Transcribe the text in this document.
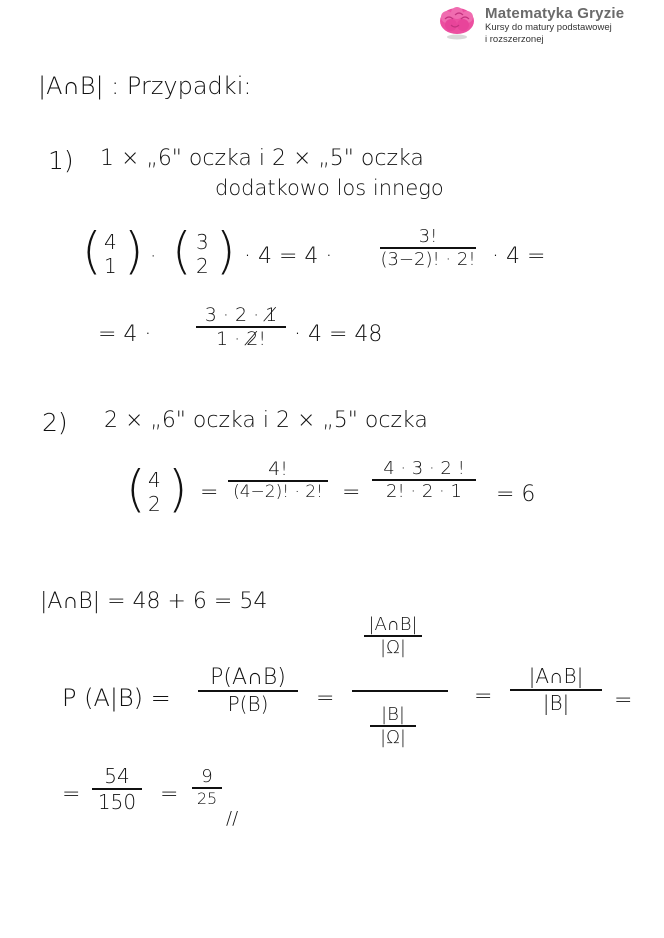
Matematyka Gryzie
Kursy do matury podstawowej
i rozszerzonej
|A∩B| : Przypadki:
1) 1 × „6" oczka i 2 × „5" oczka
dodatkowo los innego
( 4
1 ) · ( 3
2 ) · 4 = 4 ·
3!
(3−2)! · 2! · 4 =
= 4 ·
3 · 2 · 1̸
1 · 2̸! · 4 = 48
2) 2 × „6" oczka i 2 × „5" oczka
( 4
2 ) =
4!
(4−2)! · 2! =
4 · 3 · 2 !
2! · 2 · 1 = 6
|A∩B| = 48 + 6 = 54
P (A|B) =
P(A∩B)
P(B) =
|A∩B|
|Ω|
|B|
|Ω|
=
|A∩B|
|B| =
=
54
150 =
9
25
//
